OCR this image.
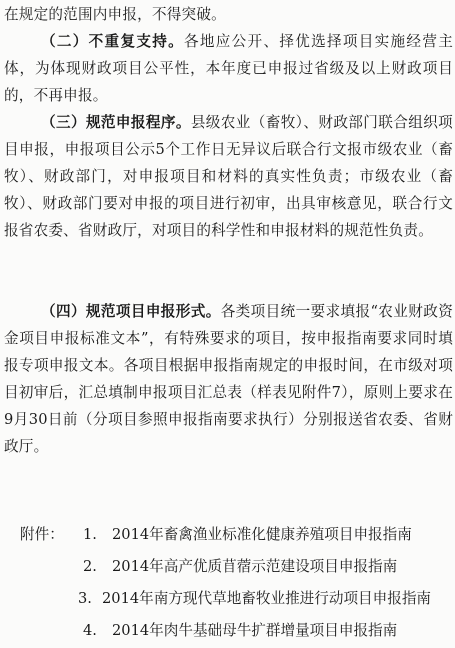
在规定的范围内申报，不得突破。

（二）不重复支持。各地应公开、择优选择项目实施经营主体，为体现财政项目公平性，本年度已申报过省级及以上财政项目的，不再申报。

（三）规范申报程序。县级农业（畜牧）、财政部门联合组织项目申报，申报项目公示5个工作日无异议后联合行文报市级农业（畜牧）、财政部门，对申报项目和材料的真实性负责；市级农业（畜牧）、财政部门要对申报的项目进行初审，出具审核意见，联合行文报省农委、省财政厅，对项目的科学性和申报材料的规范性负责。

（四）规范项目申报形式。各类项目统一要求填报“农业财政资金项目申报标准文本”，有特殊要求的项目，按申报指南要求同时填报专项申报文本。各项目根据申报指南规定的申报时间，在市级对项目初审后，汇总填制申报项目汇总表（样表见附件7），原则上要求在9月30日前（分项目参照申报指南要求执行）分别报送省农委、省财政厅。

附件： 1. 2014年畜禽渔业标准化健康养殖项目申报指南
2. 2014年高产优质苜蓿示范建设项目申报指南
3. 2014年南方现代草地畜牧业推进行动项目申报指南
4. 2014年肉牛基础母牛扩群增量项目申报指南
